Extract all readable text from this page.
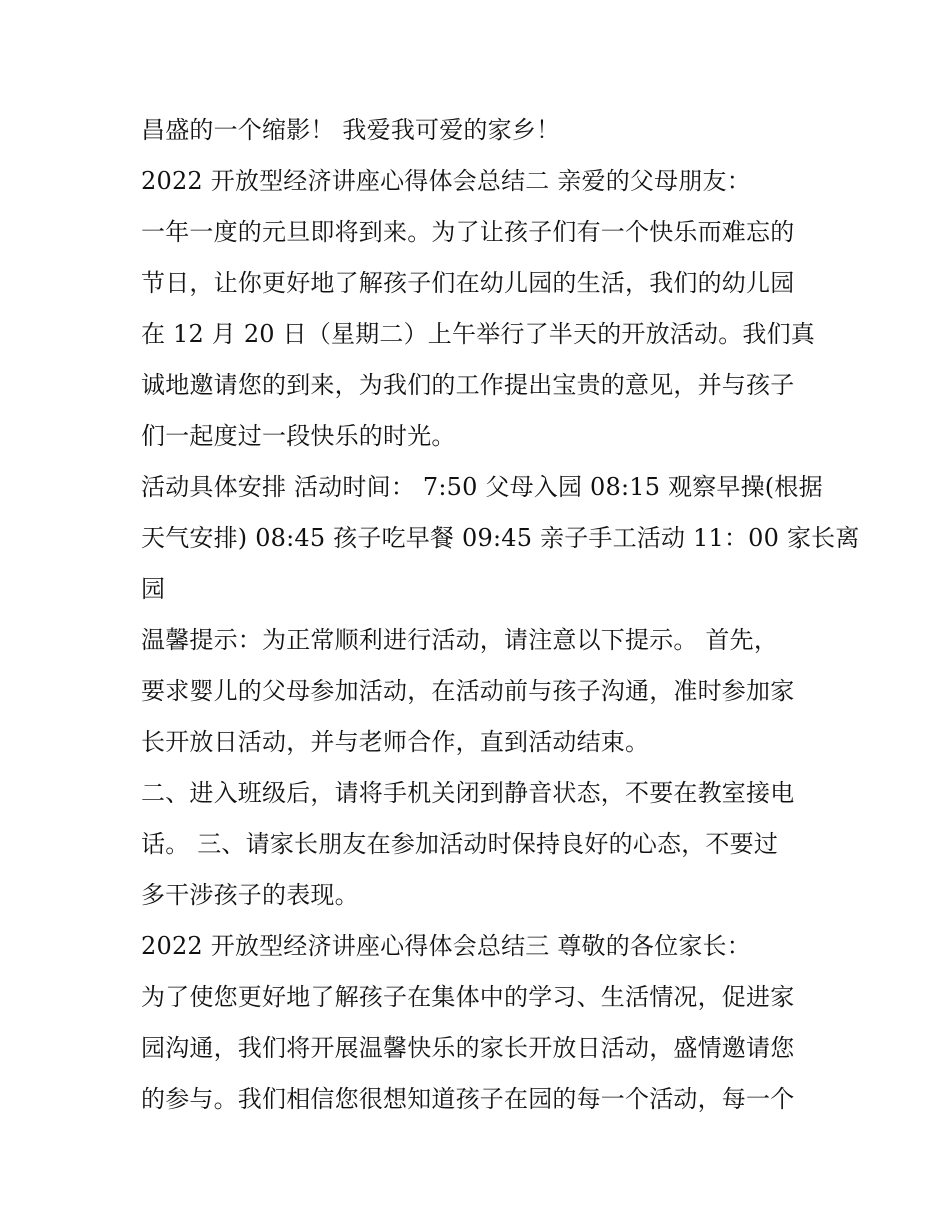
昌盛的一个缩影！ 我爱我可爱的家乡！
2022 开放型经济讲座心得体会总结二 亲爱的父母朋友：
一年一度的元旦即将到来。为了让孩子们有一个快乐而难忘的
节日，让你更好地了解孩子们在幼儿园的生活，我们的幼儿园
在 12 月 20 日（星期二）上午举行了半天的开放活动。我们真
诚地邀请您的到来，为我们的工作提出宝贵的意见，并与孩子
们一起度过一段快乐的时光。
活动具体安排 活动时间： 7:50 父母入园 08:15 观察早操(根据
天气安排) 08:45 孩子吃早餐 09:45 亲子手工活动 11：00 家长离
园
温馨提示：为正常顺利进行活动，请注意以下提示。 首先，
要求婴儿的父母参加活动，在活动前与孩子沟通，准时参加家
长开放日活动，并与老师合作，直到活动结束。
二、进入班级后，请将手机关闭到静音状态，不要在教室接电
话。 三、请家长朋友在参加活动时保持良好的心态，不要过
多干涉孩子的表现。
2022 开放型经济讲座心得体会总结三 尊敬的各位家长：
为了使您更好地了解孩子在集体中的学习、生活情况，促进家
园沟通，我们将开展温馨快乐的家长开放日活动，盛情邀请您
的参与。我们相信您很想知道孩子在园的每一个活动，每一个
